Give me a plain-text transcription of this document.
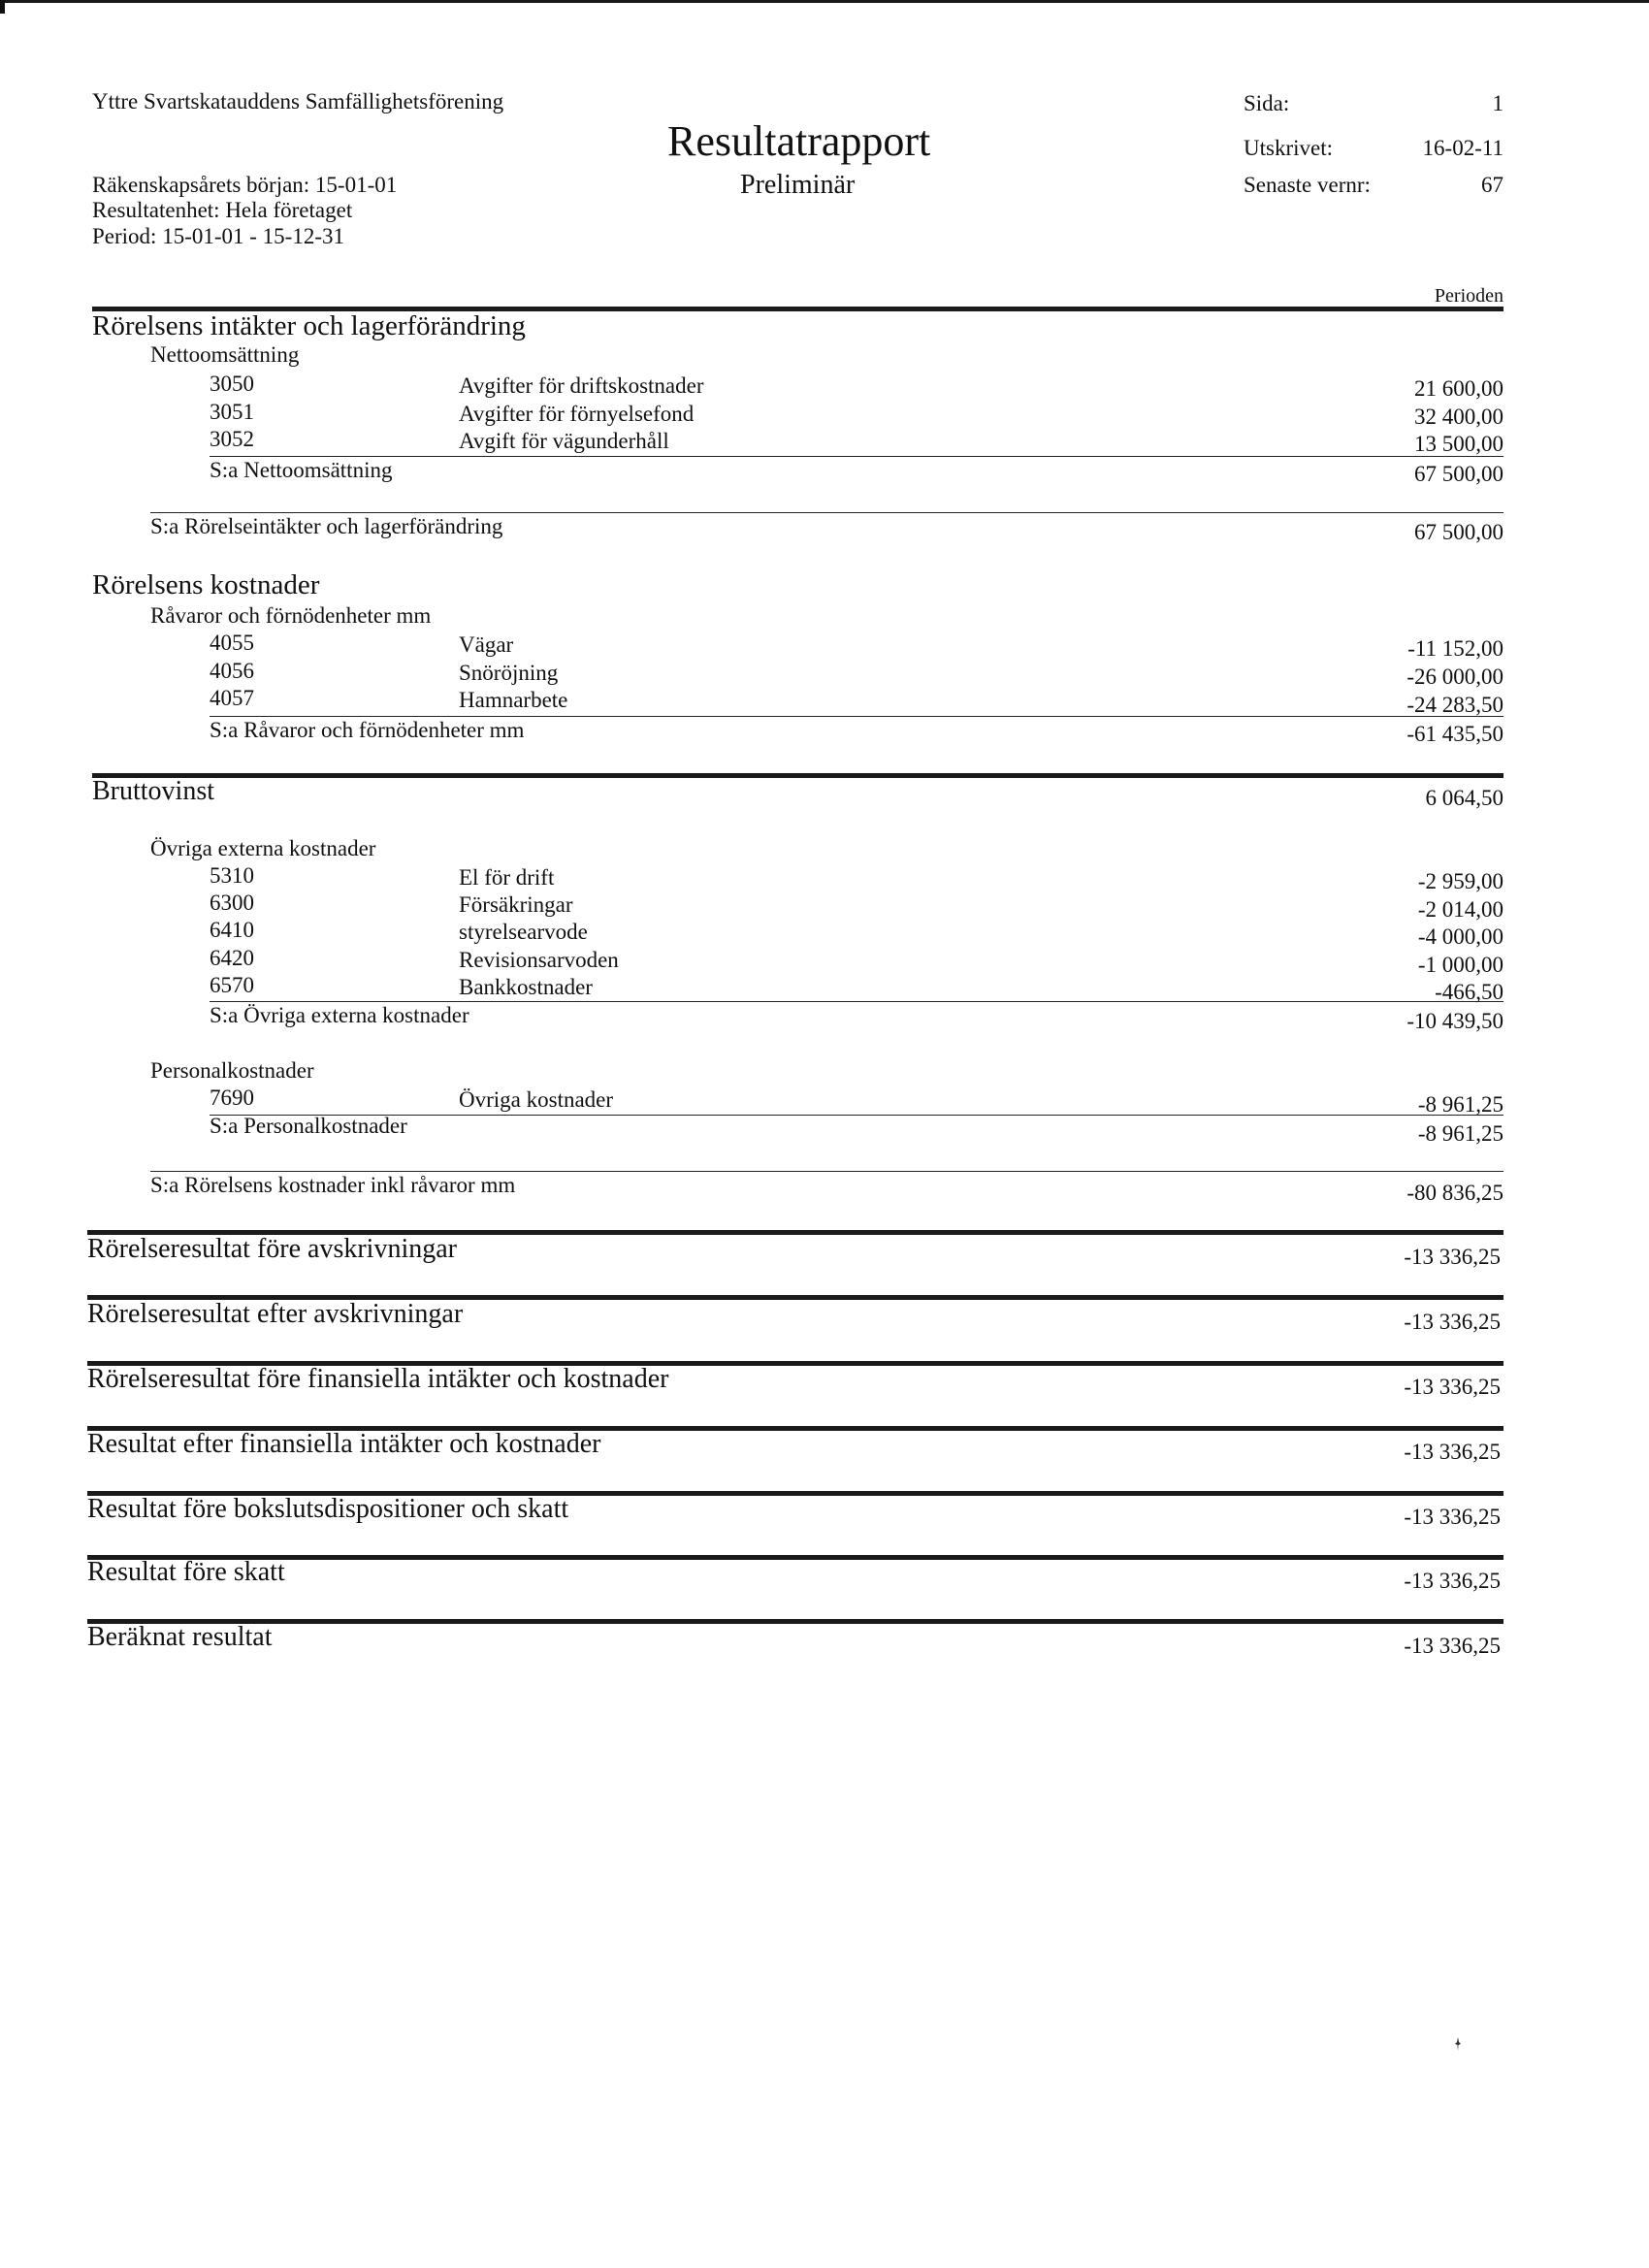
Yttre Svartskatauddens Samfällighetsförening
Resultatrapport
Preliminär
Räkenskapsårets början: 15-01-01
Resultatenhet: Hela företaget
Period: 15-01-01 - 15-12-31
Sida:	1
Utskrivet:	16-02-11
Senaste vernr:	67
Perioden
Rörelsens intäkter och lagerförändring
Nettoomsättning
3050	Avgifter för driftskostnader	21 600,00
3051	Avgifter för förnyelsefond	32 400,00
3052	Avgift för vägunderhåll	13 500,00
S:a Nettoomsättning	67 500,00
S:a Rörelseintäkter och lagerförändring	67 500,00
Rörelsens kostnader
Råvaror och förnödenheter mm
4055	Vägar	-11 152,00
4056	Snöröjning	-26 000,00
4057	Hamnarbete	-24 283,50
S:a Råvaror och förnödenheter mm	-61 435,50
Bruttovinst	6 064,50
Övriga externa kostnader
5310	El för drift	-2 959,00
6300	Försäkringar	-2 014,00
6410	styrelsearvode	-4 000,00
6420	Revisionsarvoden	-1 000,00
6570	Bankkostnader	-466,50
S:a Övriga externa kostnader	-10 439,50
Personalkostnader
7690	Övriga kostnader	-8 961,25
S:a Personalkostnader	-8 961,25
S:a Rörelsens kostnader inkl råvaror mm	-80 836,25
Rörelseresultat före avskrivningar	-13 336,25
Rörelseresultat efter avskrivningar	-13 336,25
Rörelseresultat före finansiella intäkter och kostnader	-13 336,25
Resultat efter finansiella intäkter och kostnader	-13 336,25
Resultat före bokslutsdispositioner och skatt	-13 336,25
Resultat före skatt	-13 336,25
Beräknat resultat	-13 336,25
